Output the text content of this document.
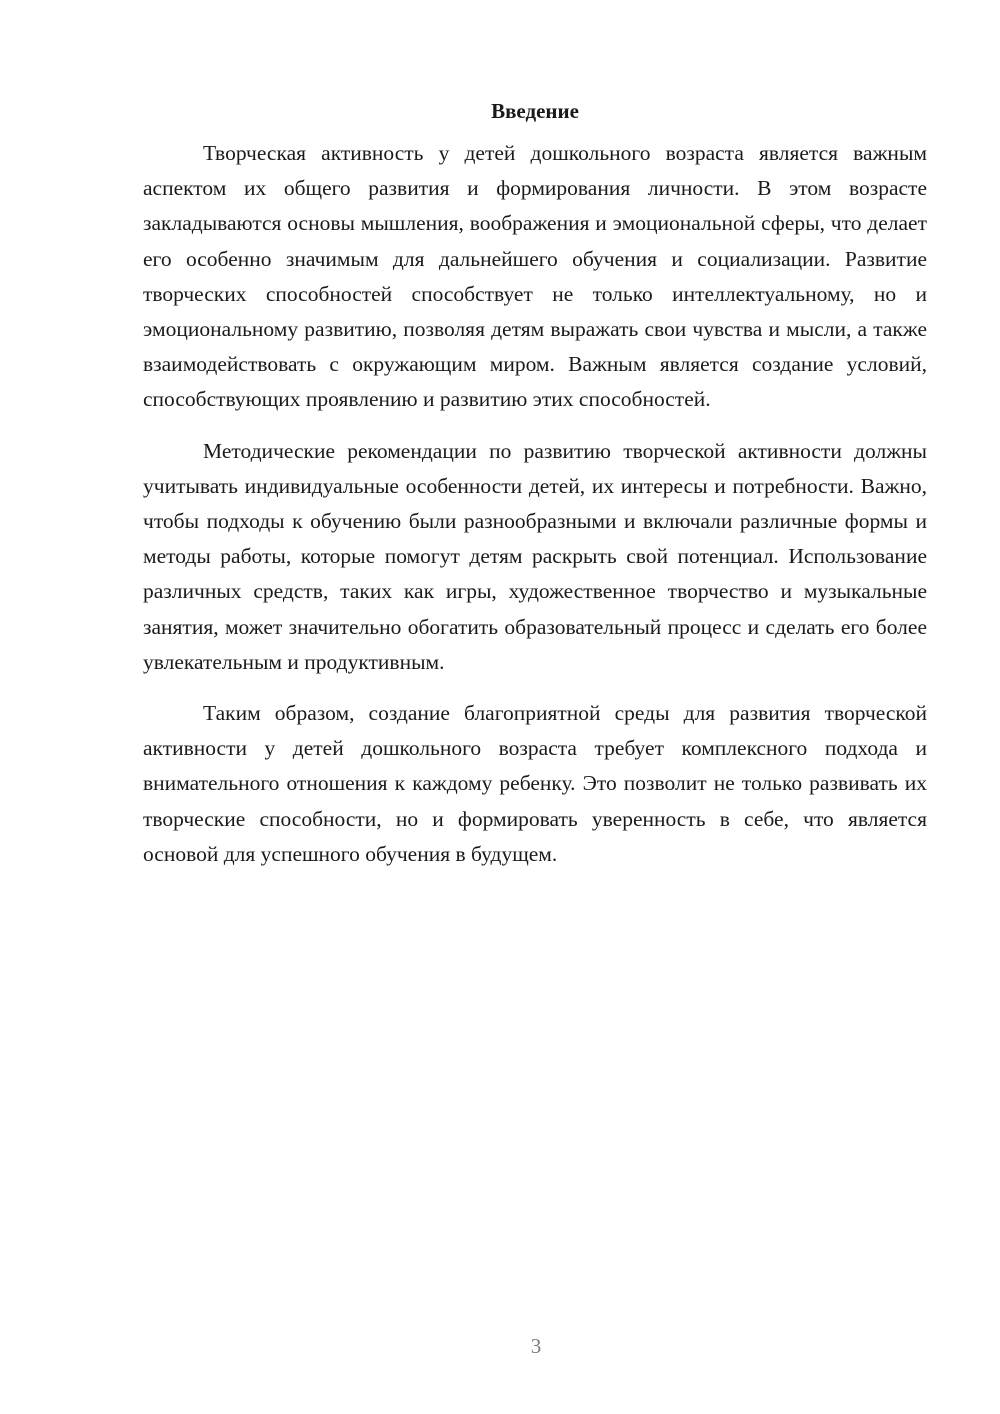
Введение

Творческая активность у детей дошкольного возраста является важным аспектом их общего развития и формирования личности. В этом возрасте закладываются основы мышления, воображения и эмоциональной сферы, что делает его особенно значимым для дальнейшего обучения и социализации. Развитие творческих способностей способствует не только интеллектуальному, но и эмоциональному развитию, позволяя детям выражать свои чувства и мысли, а также взаимодействовать с окружающим миром. Важным является создание условий, способствующих проявлению и развитию этих способностей.

Методические рекомендации по развитию творческой активности должны учитывать индивидуальные особенности детей, их интересы и потребности. Важно, чтобы подходы к обучению были разнообразными и включали различные формы и методы работы, которые помогут детям раскрыть свой потенциал. Использование различных средств, таких как игры, художественное творчество и музыкальные занятия, может значительно обогатить образовательный процесс и сделать его более увлекательным и продуктивным.

Таким образом, создание благоприятной среды для развития творческой активности у детей дошкольного возраста требует комплексного подхода и внимательного отношения к каждому ребенку. Это позволит не только развивать их творческие способности, но и формировать уверенность в себе, что является основой для успешного обучения в будущем.

3
